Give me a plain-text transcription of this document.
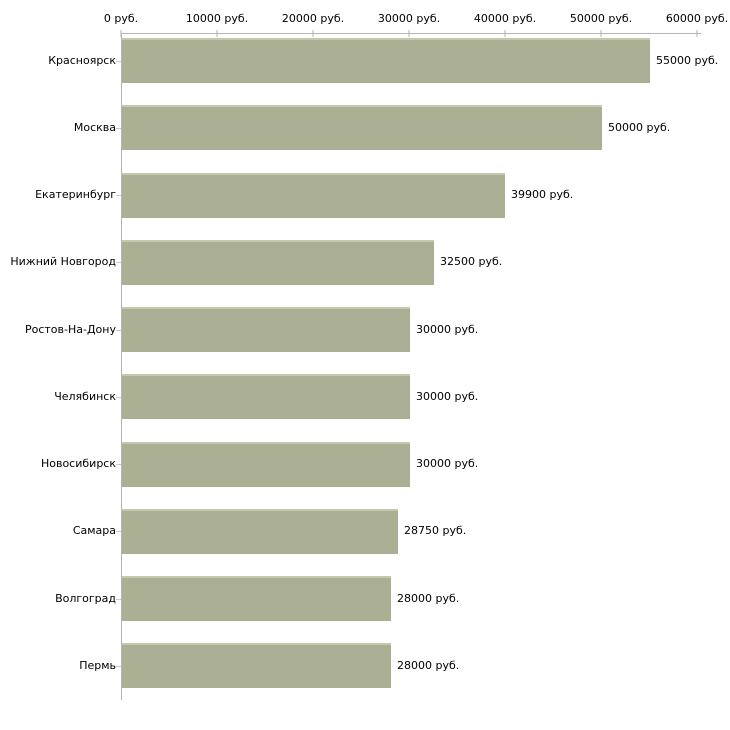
0 руб.	10000 руб.	20000 руб.	30000 руб.	40000 руб.	50000 руб.	60000 руб.
Красноярск	55000 руб.
Москва	50000 руб.
Екатеринбург	39900 руб.
Нижний Новгород	32500 руб.
Ростов-На-Дону	30000 руб.
Челябинск	30000 руб.
Новосибирск	30000 руб.
Самара	28750 руб.
Волгоград	28000 руб.
Пермь	28000 руб.
